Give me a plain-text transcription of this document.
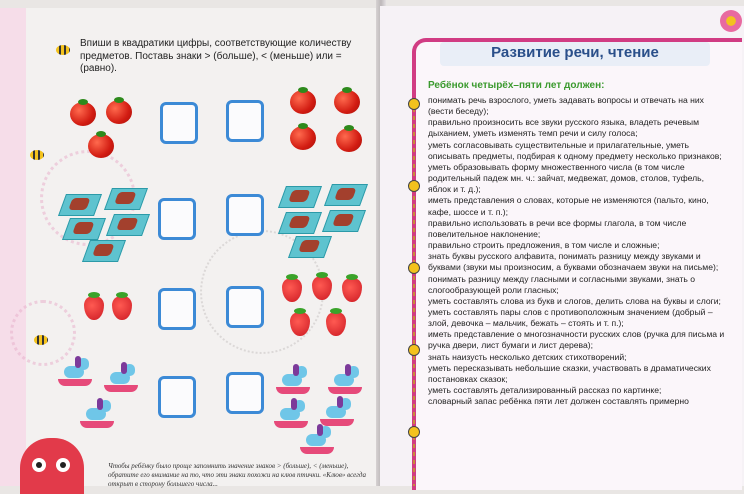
Впиши в квадратики цифры, соответствующие количеству предметов. Поставь знаки > (больше), < (меньше) или = (равно).

Чтобы ребёнку было проще запомнить значение знаков > (больше), < (меньше), обратите его внимание на то, что эти знаки похожи на клюв птички. «Клюв» всегда открыт в сторону большего числа...

Развитие речи, чтение

Ребёнок четырёх–пяти лет должен:

понимать речь взрослого, уметь задавать вопросы и отвечать на них (вести беседу);
правильно произносить все звуки русского языка, владеть речевым дыханием, уметь изменять темп речи и силу голоса;
уметь согласовывать существительные и прилагательные, уметь описывать предметы, подбирая к одному предмету несколько признаков;
уметь образовывать форму множественного числа (в том числе родительный падеж мн. ч.: зайчат, медвежат, домов, столов, туфель, яблок и т. д.);
иметь представления о словах, которые не изменяются (пальто, кино, кафе, шоссе и т. п.);
правильно использовать в речи все формы глагола, в том числе повелительное наклонение;
правильно строить предложения, в том числе и сложные;
знать буквы русского алфавита, понимать разницу между звуками и буквами (звуки мы произносим, а буквами обозначаем звуки на письме);
понимать разницу между гласными и согласными звуками, знать о слогообразующей роли гласных;
уметь составлять слова из букв и слогов, делить слова на буквы и слоги;
уметь составлять пары слов с противоположным значением (добрый – злой, девочка – мальчик, бежать – стоять и т. п.);
иметь представление о многозначности русских слов (ручка для письма и ручка двери, лист бумаги и лист дерева);
знать наизусть несколько детских стихотворений;
уметь пересказывать небольшие сказки, участвовать в драматических постановках сказок;
уметь составлять детализированный рассказ по картинке;
словарный запас ребёнка пяти лет должен составлять примерно
